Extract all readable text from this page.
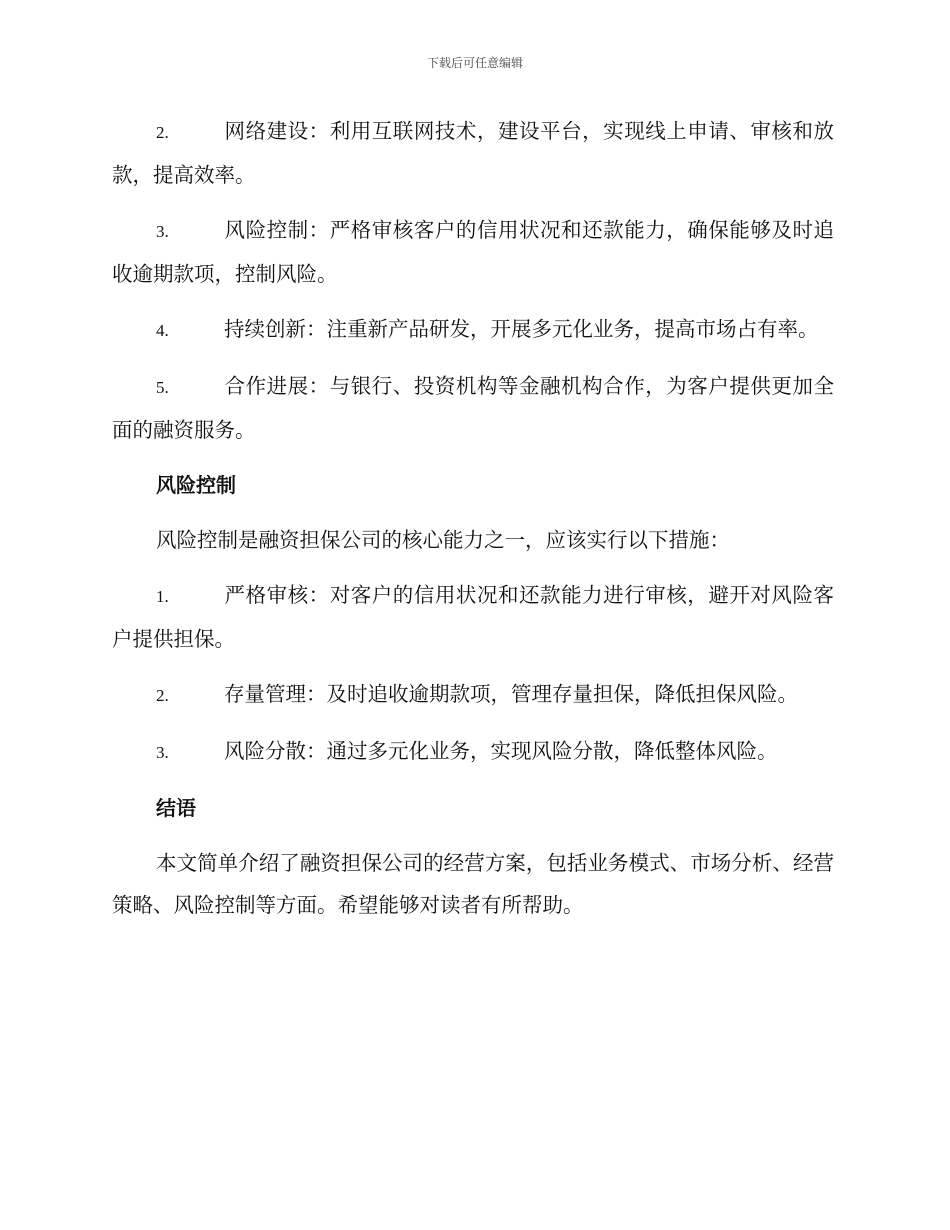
下载后可任意编辑
2.	网络建设：利用互联网技术，建设平台，实现线上申请、审核和放款，提高效率。
3.	风险控制：严格审核客户的信用状况和还款能力，确保能够及时追收逾期款项，控制风险。
4.	持续创新：注重新产品研发，开展多元化业务，提高市场占有率。
5.	合作进展：与银行、投资机构等金融机构合作，为客户提供更加全面的融资服务。
风险控制
风险控制是融资担保公司的核心能力之一，应该实行以下措施：
1.	严格审核：对客户的信用状况和还款能力进行审核，避开对风险客户提供担保。
2.	存量管理：及时追收逾期款项，管理存量担保，降低担保风险。
3.	风险分散：通过多元化业务，实现风险分散，降低整体风险。
结语
本文简单介绍了融资担保公司的经营方案，包括业务模式、市场分析、经营策略、风险控制等方面。希望能够对读者有所帮助。
